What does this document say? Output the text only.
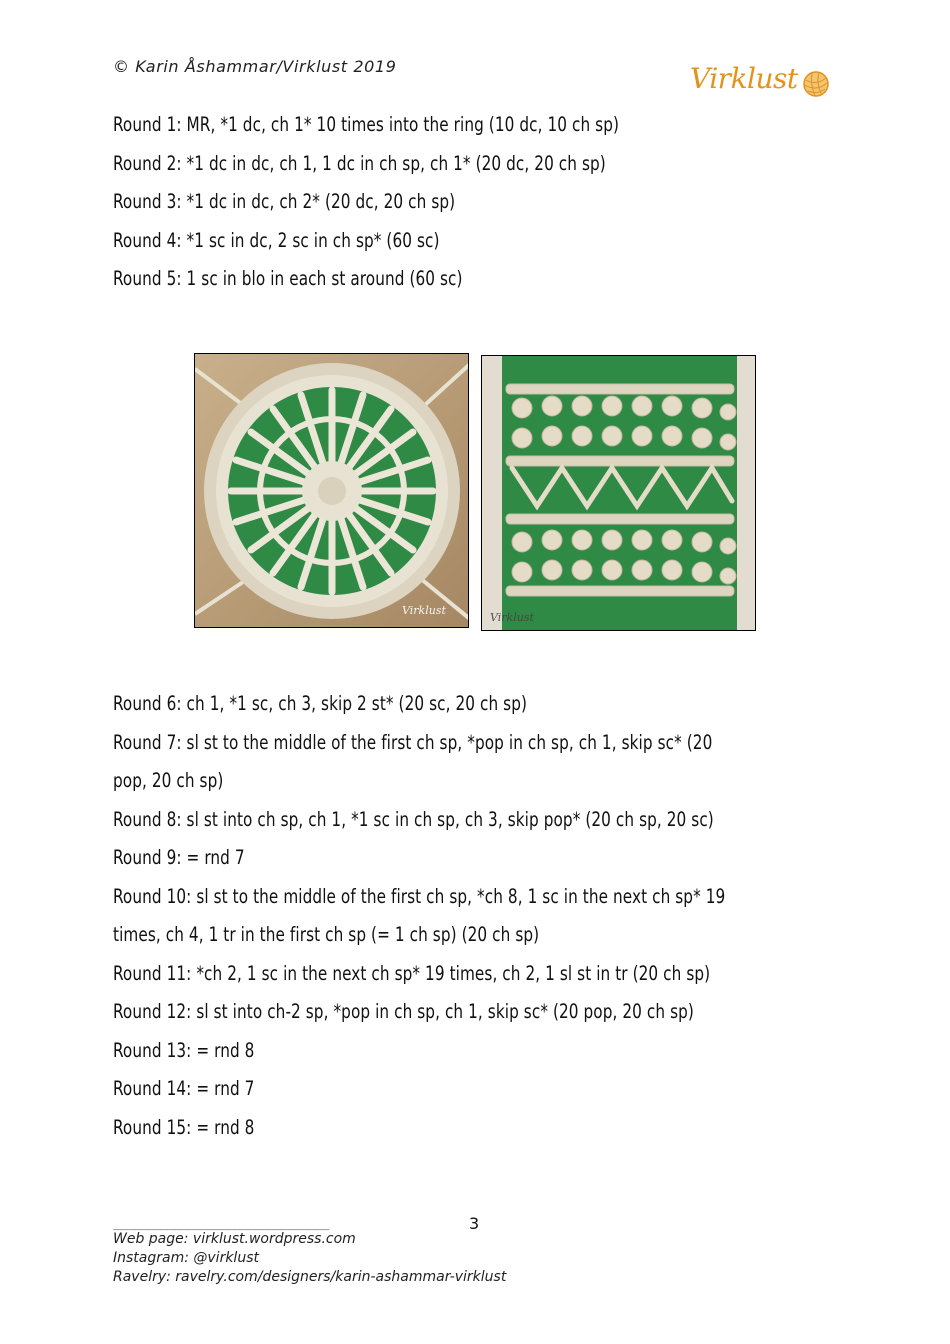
© Karin Åshammar/Virklust 2019	Virklust
Round 1: MR, *1 dc, ch 1* 10 times into the ring (10 dc, 10 ch sp)
Round 2: *1 dc in dc, ch 1, 1 dc in ch sp, ch 1* (20 dc, 20 ch sp)
Round 3: *1 dc in dc, ch 2* (20 dc, 20 ch sp)
Round 4: *1 sc in dc, 2 sc in ch sp* (60 sc)
Round 5: 1 sc in blo in each st around (60 sc)
Virklust
Virklust
Round 6: ch 1, *1 sc, ch 3, skip 2 st* (20 sc, 20 ch sp)
Round 7: sl st to the middle of the first ch sp, *pop in ch sp, ch 1, skip sc* (20
pop, 20 ch sp)
Round 8: sl st into ch sp, ch 1, *1 sc in ch sp, ch 3, skip pop* (20 ch sp, 20 sc)
Round 9: = rnd 7
Round 10: sl st to the middle of the first ch sp, *ch 8, 1 sc in the next ch sp* 19
times, ch 4, 1 tr in the first ch sp (= 1 ch sp) (20 ch sp)
Round 11: *ch 2, 1 sc in the next ch sp* 19 times, ch 2, 1 sl st in tr (20 ch sp)
Round 12: sl st into ch-2 sp, *pop in ch sp, ch 1, skip sc* (20 pop, 20 ch sp)
Round 13: = rnd 8
Round 14: = rnd 7
Round 15: = rnd 8
3
________________________________
Web page: virklust.wordpress.com
Instagram: @virklust
Ravelry: ravelry.com/designers/karin-ashammar-virklust
